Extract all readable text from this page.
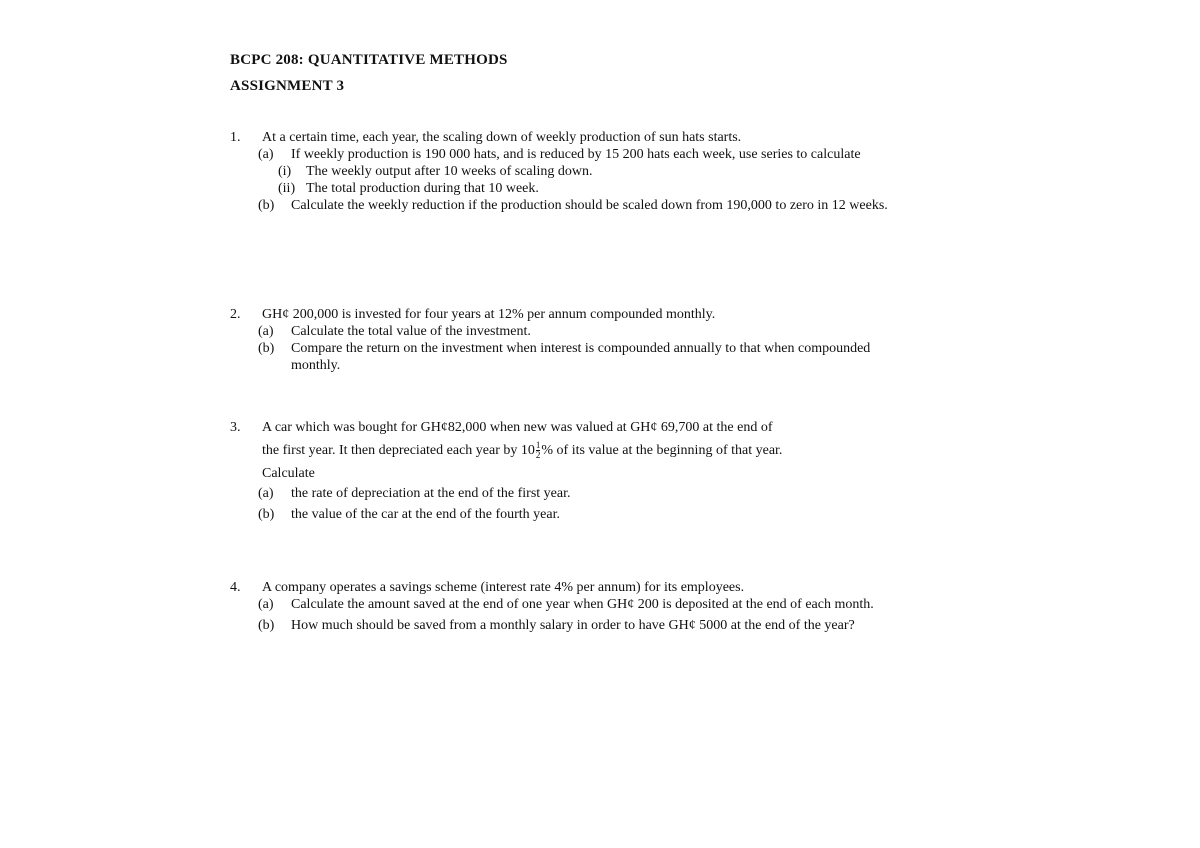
BCPC 208: QUANTITATIVE METHODS
ASSIGNMENT 3
1.	At a certain time, each year, the scaling down of weekly production of sun hats starts.
(a)	If weekly production is 190 000 hats, and is reduced by 15 200 hats each week, use series to calculate
(i)	The weekly output after 10 weeks of scaling down.
(ii) The total production during that 10 week.
(b)	Calculate the weekly reduction if the production should be scaled down from 190,000 to zero in 12 weeks.
2.	GH¢ 200,000 is invested for four years at 12% per annum compounded monthly.
(a)	Calculate the total value of the investment.
(b)	Compare the return on the investment when interest is compounded annually to that when compounded monthly.
3.	A car which was bought for GH¢82,000 when new was valued at GH¢ 69,700 at the end of
the first year. It then depreciated each year by $10 \frac{1}{2}$ % of its value at the beginning of that year.
Calculate
(a)	the rate of depreciation at the end of the first year.
(b)	the value of the car at the end of the fourth year.
4.	A company operates a savings scheme (interest rate 4% per annum) for its employees.
(a)	Calculate the amount saved at the end of one year when GH¢ 200 is deposited at the end of each month.
(b)	How much should be saved from a monthly salary in order to have GH¢ 5000 at the end of the year?
